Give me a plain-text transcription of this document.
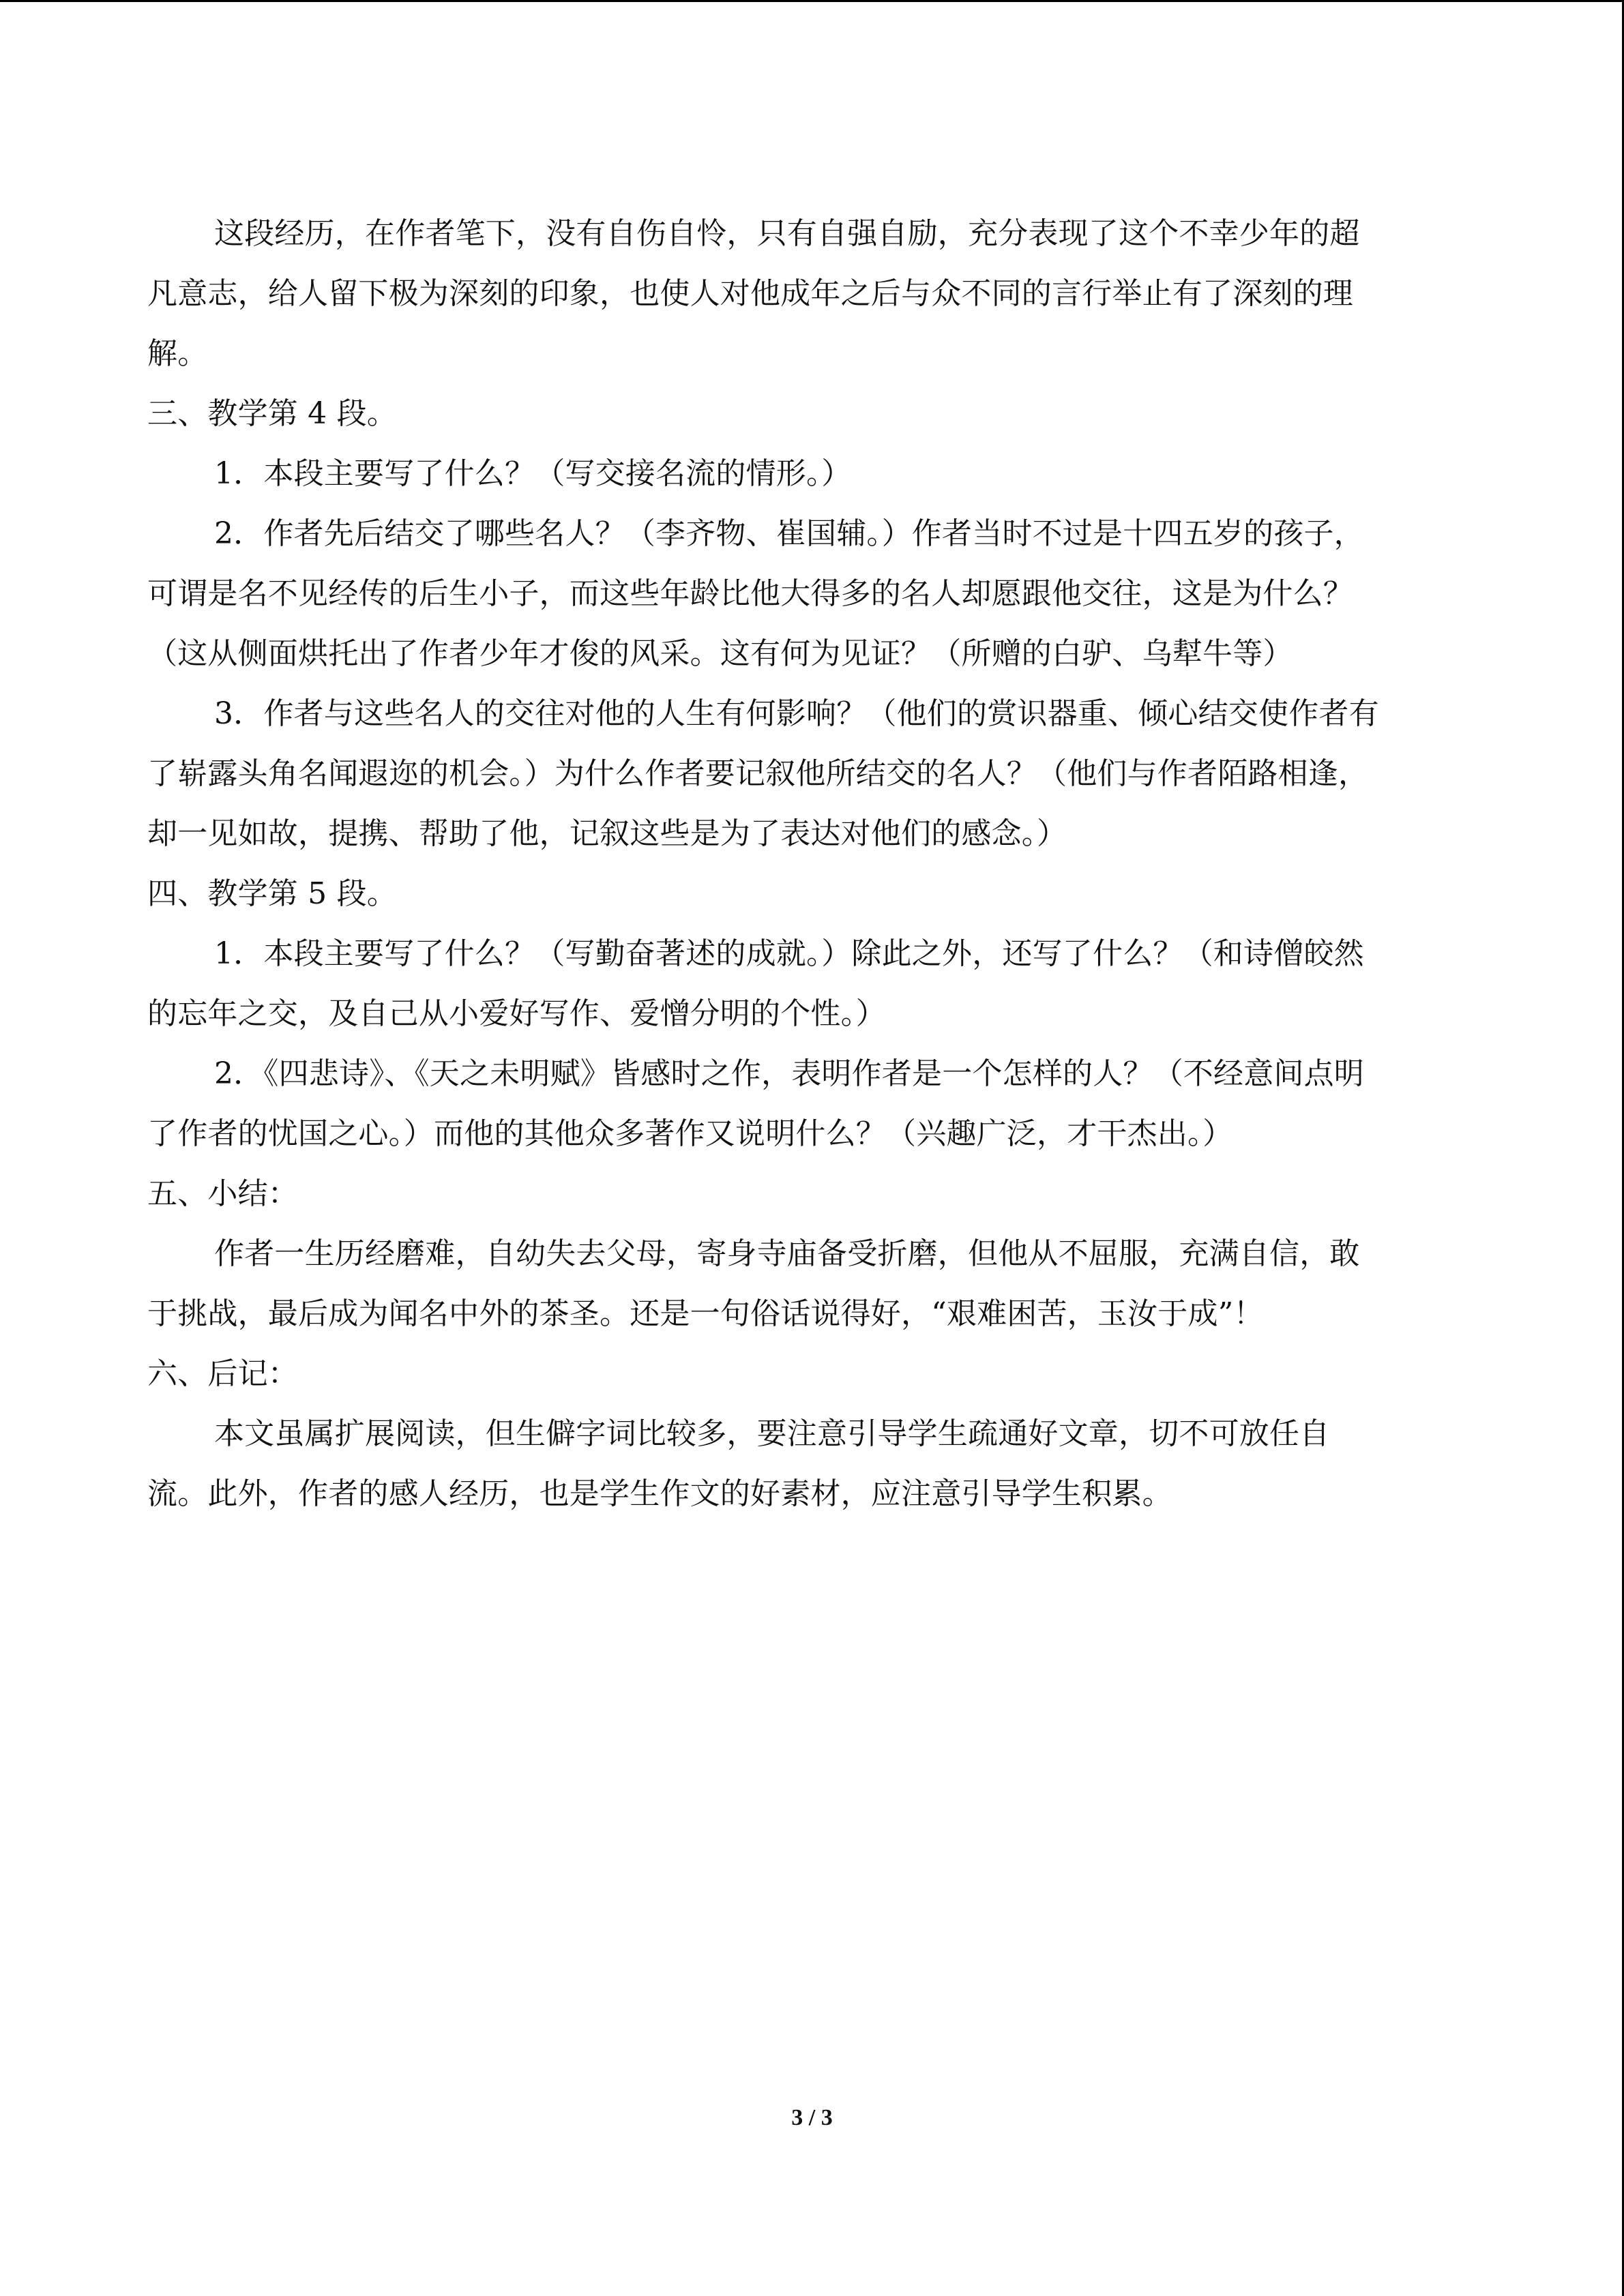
这段经历，在作者笔下，没有自伤自怜，只有自强自励，充分表现了这个不幸少年的超
凡意志，给人留下极为深刻的印象，也使人对他成年之后与众不同的言行举止有了深刻的理
解。
三、教学第 4 段。
1．本段主要写了什么？（写交接名流的情形。）
2．作者先后结交了哪些名人？（李齐物、崔国辅。）作者当时不过是十四五岁的孩子，
可谓是名不见经传的后生小子，而这些年龄比他大得多的名人却愿跟他交往，这是为什么？
（这从侧面烘托出了作者少年才俊的风采。这有何为见证？（所赠的白驴、乌犎牛等）
3．作者与这些名人的交往对他的人生有何影响？（他们的赏识器重、倾心结交使作者有
了崭露头角名闻遐迩的机会。）为什么作者要记叙他所结交的名人？（他们与作者陌路相逢，
却一见如故，提携、帮助了他，记叙这些是为了表达对他们的感念。）
四、教学第 5 段。
1．本段主要写了什么？（写勤奋著述的成就。）除此之外，还写了什么？（和诗僧皎然
的忘年之交，及自己从小爱好写作、爱憎分明的个性。）
2．《四悲诗》、《天之未明赋》皆感时之作，表明作者是一个怎样的人？（不经意间点明
了作者的忧国之心。）而他的其他众多著作又说明什么？（兴趣广泛，才干杰出。）
五、小结：
作者一生历经磨难，自幼失去父母，寄身寺庙备受折磨，但他从不屈服，充满自信，敢
于挑战，最后成为闻名中外的茶圣。还是一句俗话说得好，“艰难困苦，玉汝于成”！
六、后记：
本文虽属扩展阅读，但生僻字词比较多，要注意引导学生疏通好文章，切不可放任自
流。此外，作者的感人经历，也是学生作文的好素材，应注意引导学生积累。
3 / 3
